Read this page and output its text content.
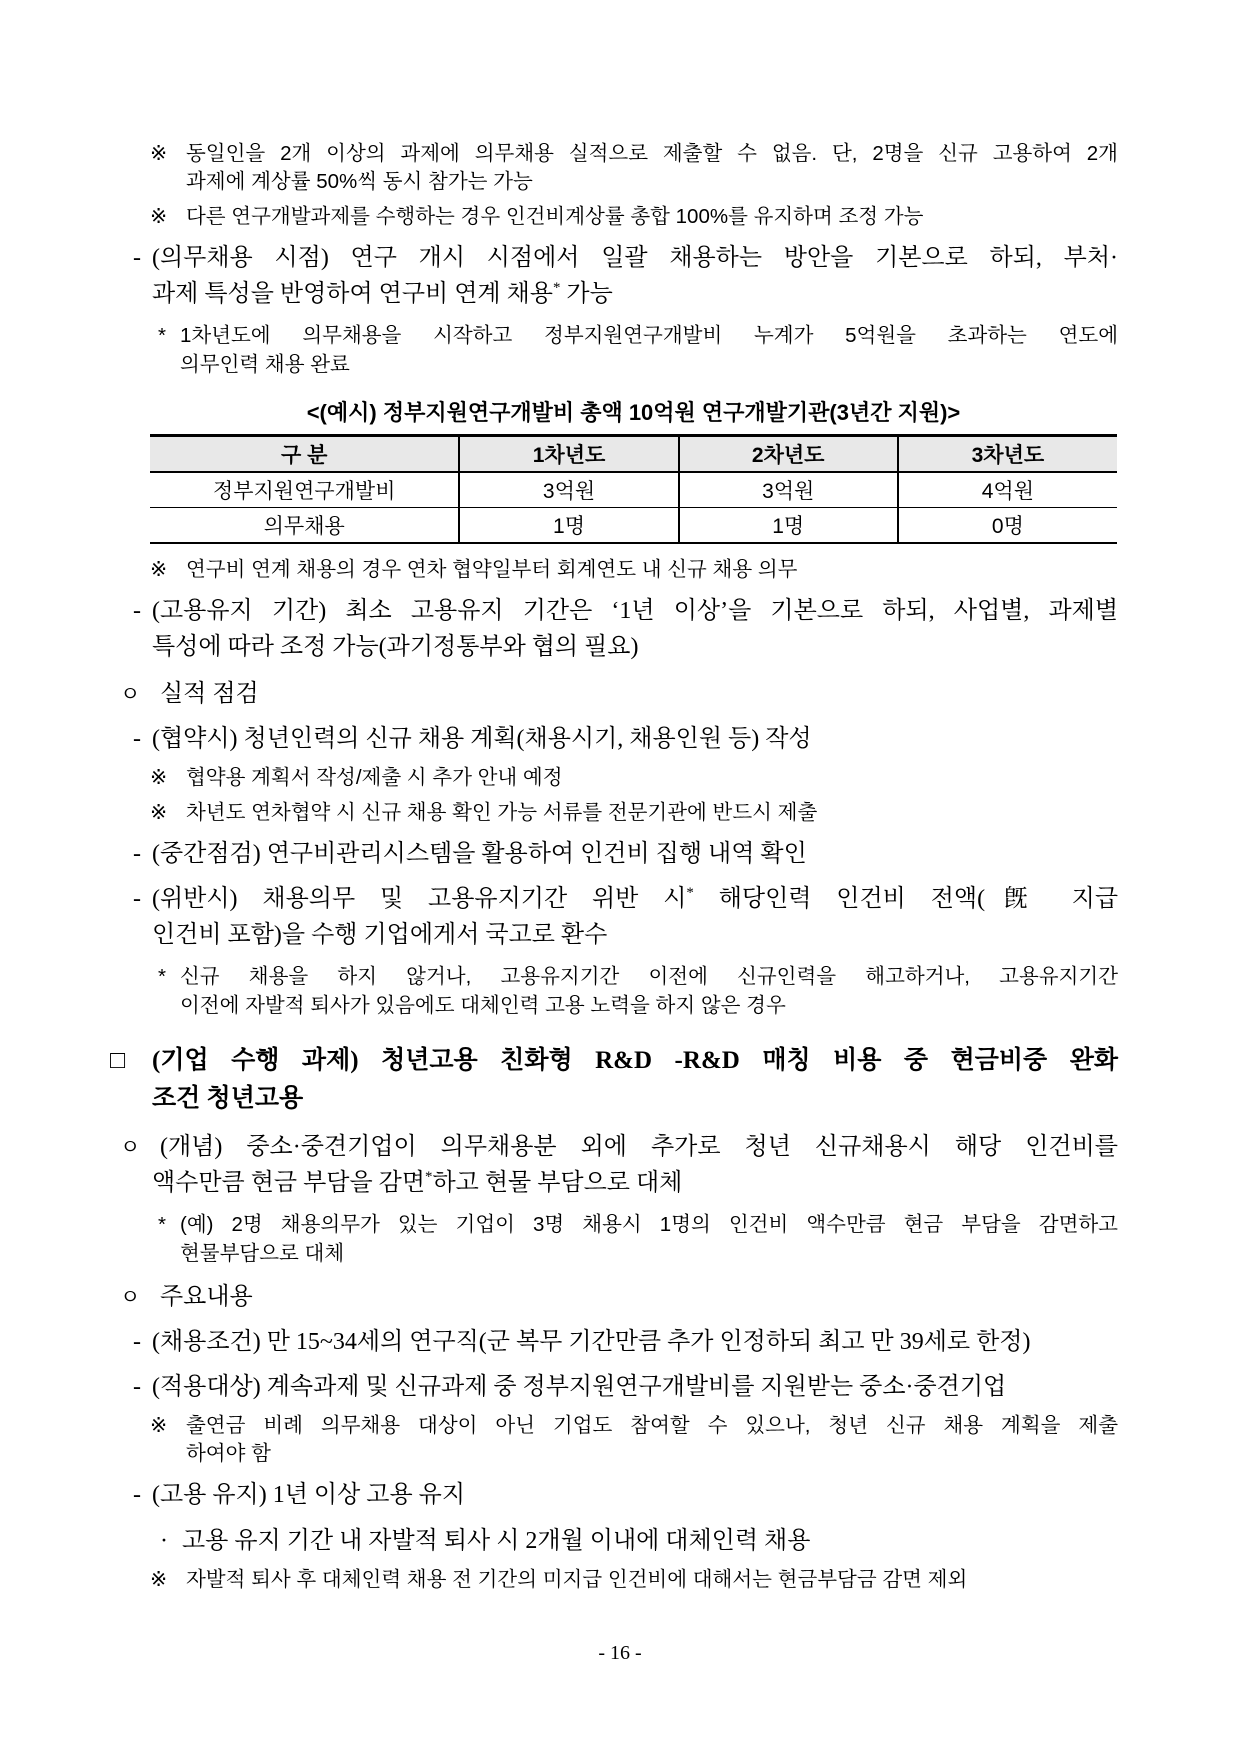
※ 동일인을 2개 이상의 과제에 의무채용 실적으로 제출할 수 없음. 단, 2명을 신규 고용하여 2개
과제에 계상률 50%씩 동시 참가는 가능
※ 다른 연구개발과제를 수행하는 경우 인건비계상률 총합 100%를 유지하며 조정 가능
- (의무채용 시점) 연구 개시 시점에서 일괄 채용하는 방안을 기본으로 하되, 부처·
과제 특성을 반영하여 연구비 연계 채용* 가능
* 1차년도에 의무채용을 시작하고 정부지원연구개발비 누계가 5억원을 초과하는 연도에
의무인력 채용 완료
<(예시) 정부지원연구개발비 총액 10억원 연구개발기관(3년간 지원)>
구 분	1차년도	2차년도	3차년도
정부지원연구개발비	3억원	3억원	4억원
의무채용	1명	1명	0명
※ 연구비 연계 채용의 경우 연차 협약일부터 회계연도 내 신규 채용 의무
- (고용유지 기간) 최소 고용유지 기간은 ‘1년 이상’을 기본으로 하되, 사업별, 과제별
특성에 따라 조정 가능(과기정통부와 협의 필요)
ㅇ 실적 점검
- (협약시) 청년인력의 신규 채용 계획(채용시기, 채용인원 등) 작성
※ 협약용 계획서 작성/제출 시 추가 안내 예정
※ 차년도 연차협약 시 신규 채용 확인 가능 서류를 전문기관에 반드시 제출
- (중간점검) 연구비관리시스템을 활용하여 인건비 집행 내역 확인
- (위반시) 채용의무 및 고용유지기간 위반 시* 해당인력 인건비 전액(旣 지급
인건비 포함)을 수행 기업에게서 국고로 환수
* 신규 채용을 하지 않거나, 고용유지기간 이전에 신규인력을 해고하거나, 고용유지기간
이전에 자발적 퇴사가 있음에도 대체인력 고용 노력을 하지 않은 경우
□ (기업 수행 과제) 청년고용 친화형 R&D -R&D 매칭 비용 중 현금비중 완화
조건 청년고용
ㅇ (개념) 중소·중견기업이 의무채용분 외에 추가로 청년 신규채용시 해당 인건비를
액수만큼 현금 부담을 감면*하고 현물 부담으로 대체
* (예) 2명 채용의무가 있는 기업이 3명 채용시 1명의 인건비 액수만큼 현금 부담을 감면하고
현물부담으로 대체
ㅇ 주요내용
- (채용조건) 만 15~34세의 연구직(군 복무 기간만큼 추가 인정하되 최고 만 39세로 한정)
- (적용대상) 계속과제 및 신규과제 중 정부지원연구개발비를 지원받는 중소·중견기업
※ 출연금 비례 의무채용 대상이 아닌 기업도 참여할 수 있으나, 청년 신규 채용 계획을 제출
하여야 함
- (고용 유지) 1년 이상 고용 유지
· 고용 유지 기간 내 자발적 퇴사 시 2개월 이내에 대체인력 채용
※ 자발적 퇴사 후 대체인력 채용 전 기간의 미지급 인건비에 대해서는 현금부담금 감면 제외
- 16 -
